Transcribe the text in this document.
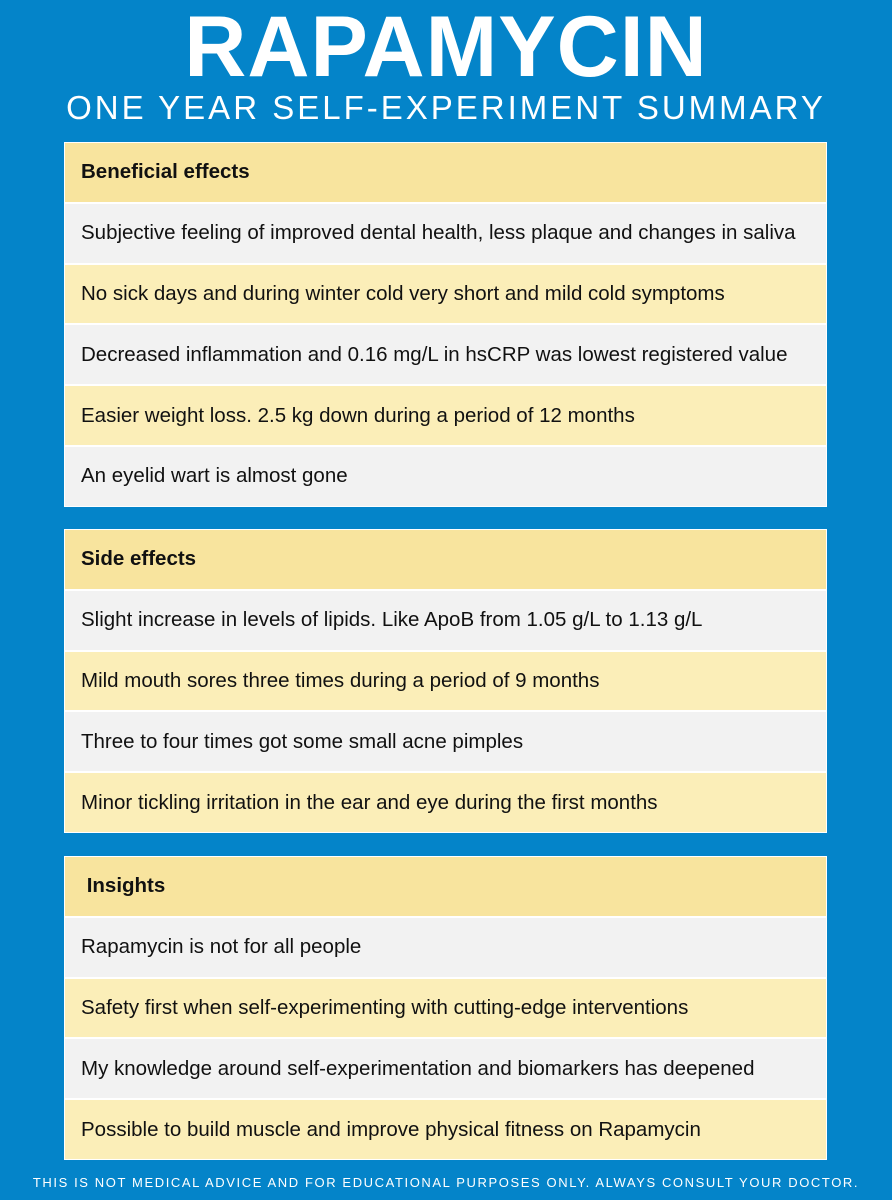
RAPAMYCIN
ONE YEAR SELF-EXPERIMENT SUMMARY
Beneficial effects
Subjective feeling of improved dental health, less plaque and changes in saliva
No sick days and during winter cold very short and mild cold symptoms
Decreased inflammation and 0.16 mg/L in hsCRP was lowest registered value
Easier weight loss. 2.5 kg down during a period of 12 months
An eyelid wart is almost gone
Side effects
Slight increase in levels of lipids. Like ApoB from 1.05 g/L to 1.13 g/L
Mild mouth sores three times during a period of 9 months
Three to four times got some small acne pimples
Minor tickling irritation in the ear and eye during the first months
Insights
Rapamycin is not for all people
Safety first when self-experimenting with cutting-edge interventions
My knowledge around self-experimentation and biomarkers has deepened
Possible to build muscle and improve physical fitness on Rapamycin
THIS IS NOT MEDICAL ADVICE AND FOR EDUCATIONAL PURPOSES ONLY. ALWAYS CONSULT YOUR DOCTOR.
